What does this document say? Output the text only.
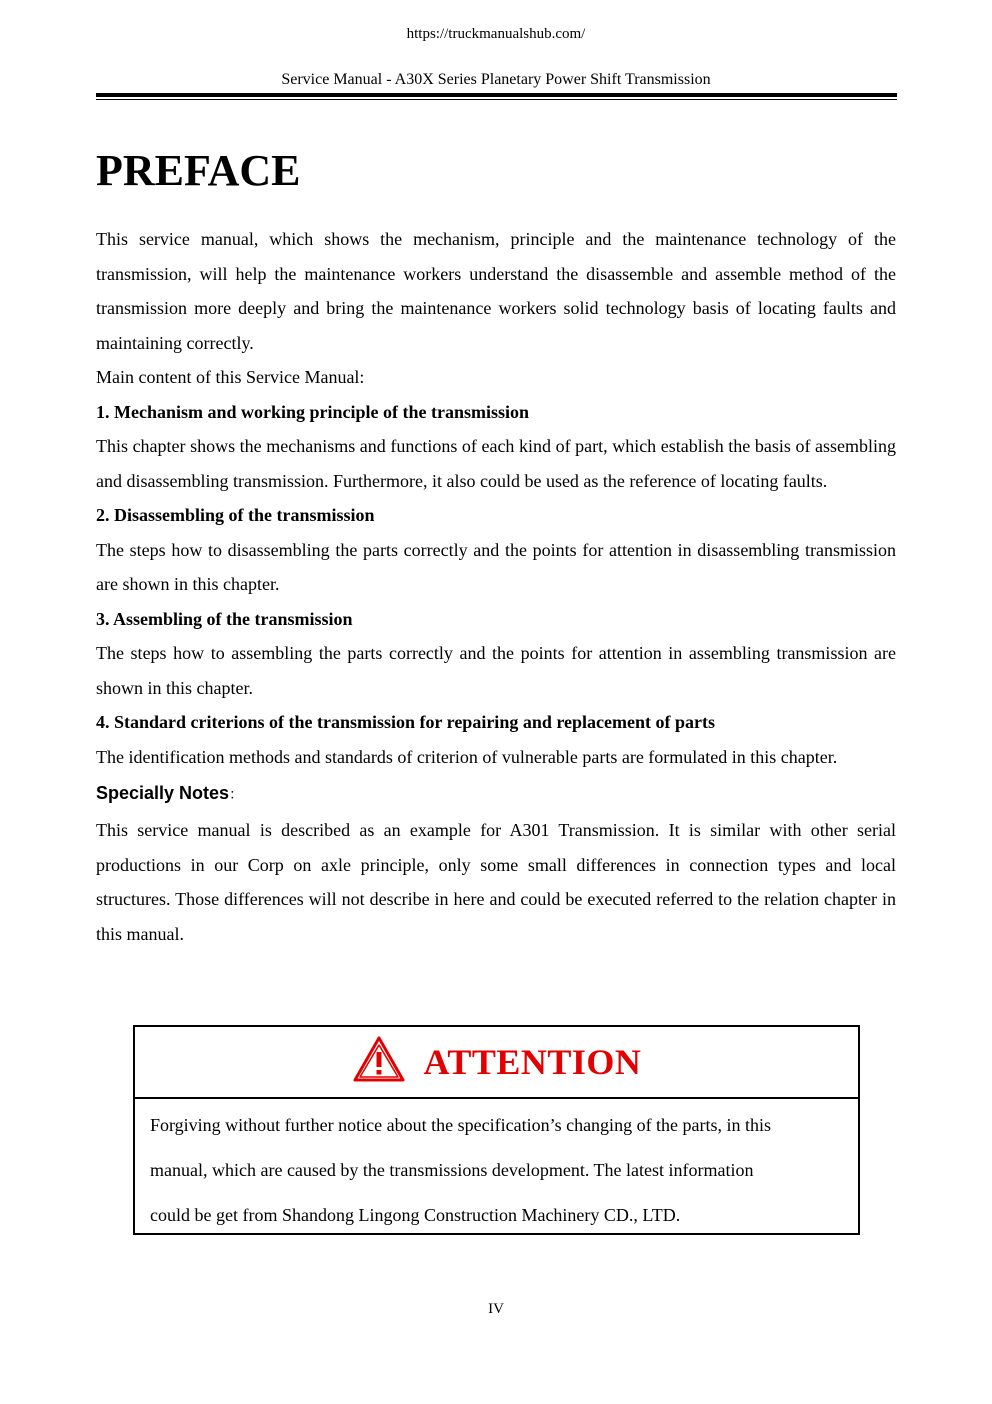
https://truckmanualshub.com/
Service Manual - A30X Series Planetary Power Shift Transmission
PREFACE

This service manual, which shows the mechanism, principle and the maintenance technology of the transmission, will help the maintenance workers understand the disassemble and assemble method of the transmission more deeply and bring the maintenance workers solid technology basis of locating faults and maintaining correctly.

Main content of this Service Manual:

1. Mechanism and working principle of the transmission

This chapter shows the mechanisms and functions of each kind of part, which establish the basis of assembling and disassembling transmission. Furthermore, it also could be used as the reference of locating faults.

2. Disassembling of the transmission

The steps how to disassembling the parts correctly and the points for attention in disassembling transmission are shown in this chapter.

3. Assembling of the transmission

The steps how to assembling the parts correctly and the points for attention in assembling transmission are shown in this chapter.

4. Standard criterions of the transmission for repairing and replacement of parts

The identification methods and standards of criterion of vulnerable parts are formulated in this chapter.

Specially Notes：

This service manual is described as an example for A301 Transmission. It is similar with other serial productions in our Corp on axle principle, only some small differences in connection types and local structures. Those differences will not describe in here and could be executed referred to the relation chapter in this manual.

ATTENTION
Forgiving without further notice about the specification’s changing of the parts, in this
manual, which are caused by the transmissions development. The latest information
could be get from Shandong Lingong Construction Machinery CD., LTD.
IV
